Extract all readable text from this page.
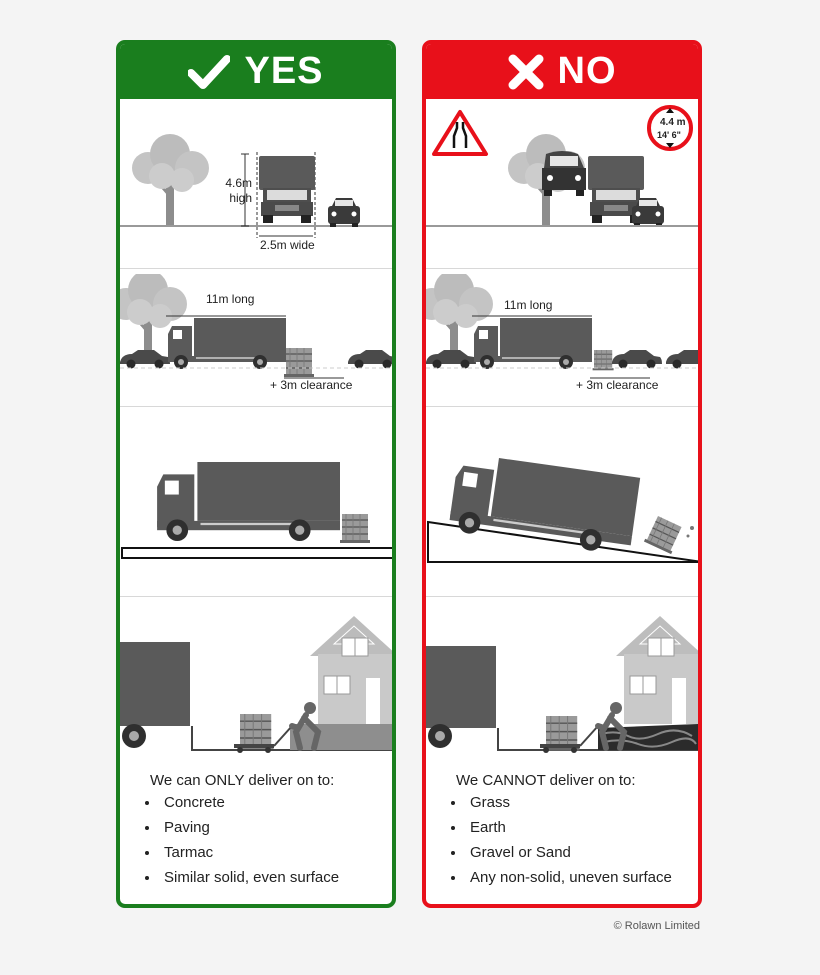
YES
4.6m
high
2.5m wide
11m long
+ 3m clearance
We can ONLY deliver on to:
• Concrete
• Paving
• Tarmac
• Similar solid, even surface
NO
4.4 m
14' 6"
11m long
+ 3m clearance
We CANNOT deliver on to:
• Grass
• Earth
• Gravel or Sand
• Any non-solid, uneven surface
© Rolawn Limited
